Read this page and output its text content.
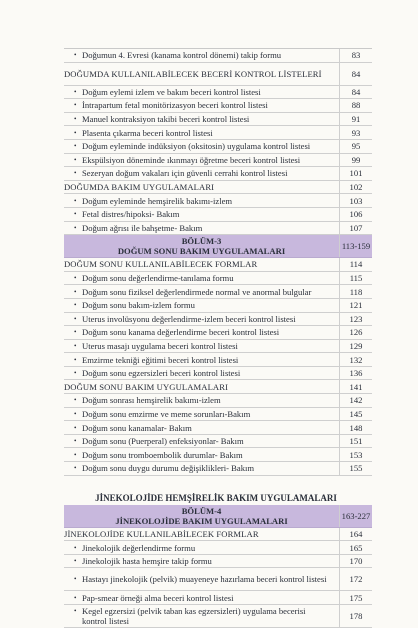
• Doğumun 4. Evresi (kanama kontrol dönemi) takip formu	83
DOĞUMDA KULLANILABİLECEK BECERİ KONTROL LİSTELERİ	84
• Doğum eylemi izlem ve bakım beceri kontrol listesi	84
• İntrapartum fetal monitörizasyon beceri kontrol listesi	88
• Manuel kontraksiyon takibi beceri kontrol listesi	91
• Plasenta çıkarma beceri kontrol listesi	93
• Doğum eyleminde indüksiyon (oksitosin) uygulama kontrol listesi	95
• Ekspülsiyon döneminde ıkınmayı öğretme beceri kontrol listesi	99
• Sezeryan doğum vakaları için güvenli cerrahi kontrol listesi	101
DOĞUMDA BAKIM UYGULAMALARI	102
• Doğum eyleminde hemşirelik bakımı-izlem	103
• Fetal distres/hipoksi- Bakım	106
• Doğum ağrısı ile bahşetme- Bakım	107
BÖLÜM-3
DOĞUM SONU BAKIM UYGULAMALARI	113-159
DOĞUM SONU KULLANILABİLECEK FORMLAR	114
• Doğum sonu değerlendirme-tanılama formu	115
• Doğum sonu fiziksel değerlendirmede normal ve anormal bulgular	118
• Doğum sonu bakım-izlem formu	121
• Uterus involüsyonu değerlendirme-izlem beceri kontrol listesi	123
• Doğum sonu kanama değerlendirme beceri kontrol listesi	126
• Uterus masajı uygulama beceri kontrol listesi	129
• Emzirme tekniği eğitimi beceri kontrol listesi	132
• Doğum sonu egzersizleri beceri kontrol listesi	136
DOĞUM SONU BAKIM UYGULAMALARI	141
• Doğum sonrası hemşirelik bakımı-izlem	142
• Doğum sonu emzirme ve meme sorunları-Bakım	145
• Doğum sonu kanamalar- Bakım	148
• Doğum sonu (Puerperal) enfeksiyonlar- Bakım	151
• Doğum sonu tromboembolik durumlar- Bakım	153
• Doğum sonu duygu durumu değişiklikleri- Bakım	155
JİNEKOLOJİDE HEMŞİRELİK BAKIM UYGULAMALARI
BÖLÜM-4
JİNEKOLOJİDE BAKIM UYGULAMALARI	163-227
JİNEKOLOJİDE KULLANILABİLECEK FORMLAR	164
• Jinekolojik değerlendirme formu	165
• Jinekolojik hasta hemşire takip formu	170
• Hastayı jinekolojik (pelvik) muayeneye hazırlama beceri kontrol listesi	172
• Pap-smear örneği alma beceri kontrol listesi	175
• Kegel egzersizi (pelvik taban kas egzersizleri) uygulama becerisi kontrol listesi	178
